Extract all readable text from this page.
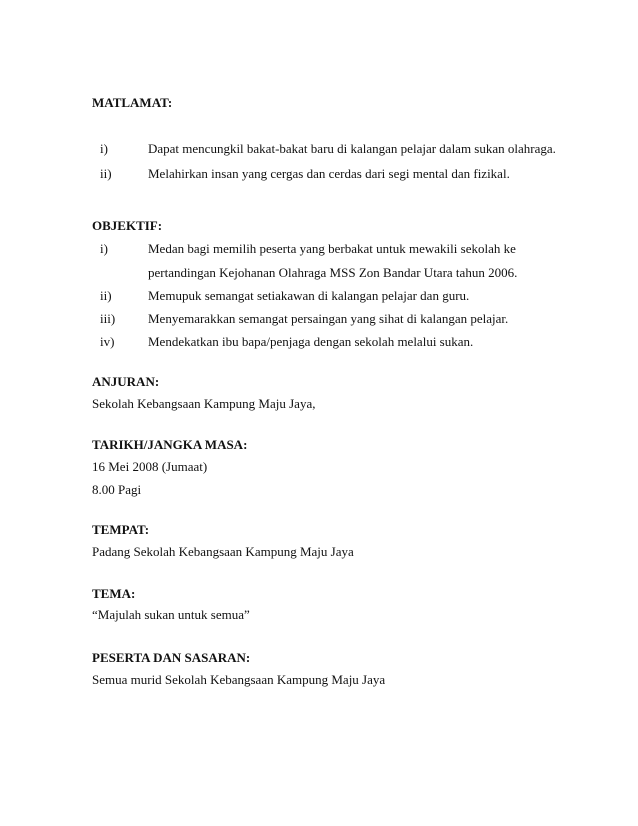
MATLAMAT:
i)	Dapat mencungkil bakat-bakat baru di kalangan pelajar dalam sukan olahraga.
ii)	Melahirkan insan yang cergas dan cerdas dari segi mental dan fizikal.
OBJEKTIF:
i)	Medan bagi memilih peserta yang berbakat untuk mewakili sekolah ke
pertandingan Kejohanan Olahraga MSS Zon Bandar Utara tahun 2006.
ii)	Memupuk semangat setiakawan di kalangan pelajar dan guru.
iii)	Menyemarakkan semangat persaingan yang sihat di kalangan pelajar.
iv)	Mendekatkan ibu bapa/penjaga dengan sekolah melalui sukan.
ANJURAN:
Sekolah Kebangsaan Kampung Maju Jaya,
TARIKH/JANGKA MASA:
16 Mei 2008 (Jumaat)
8.00 Pagi
TEMPAT:
Padang Sekolah Kebangsaan Kampung Maju Jaya
TEMA:
“Majulah sukan untuk semua”
PESERTA DAN SASARAN:
Semua murid Sekolah Kebangsaan Kampung Maju Jaya
